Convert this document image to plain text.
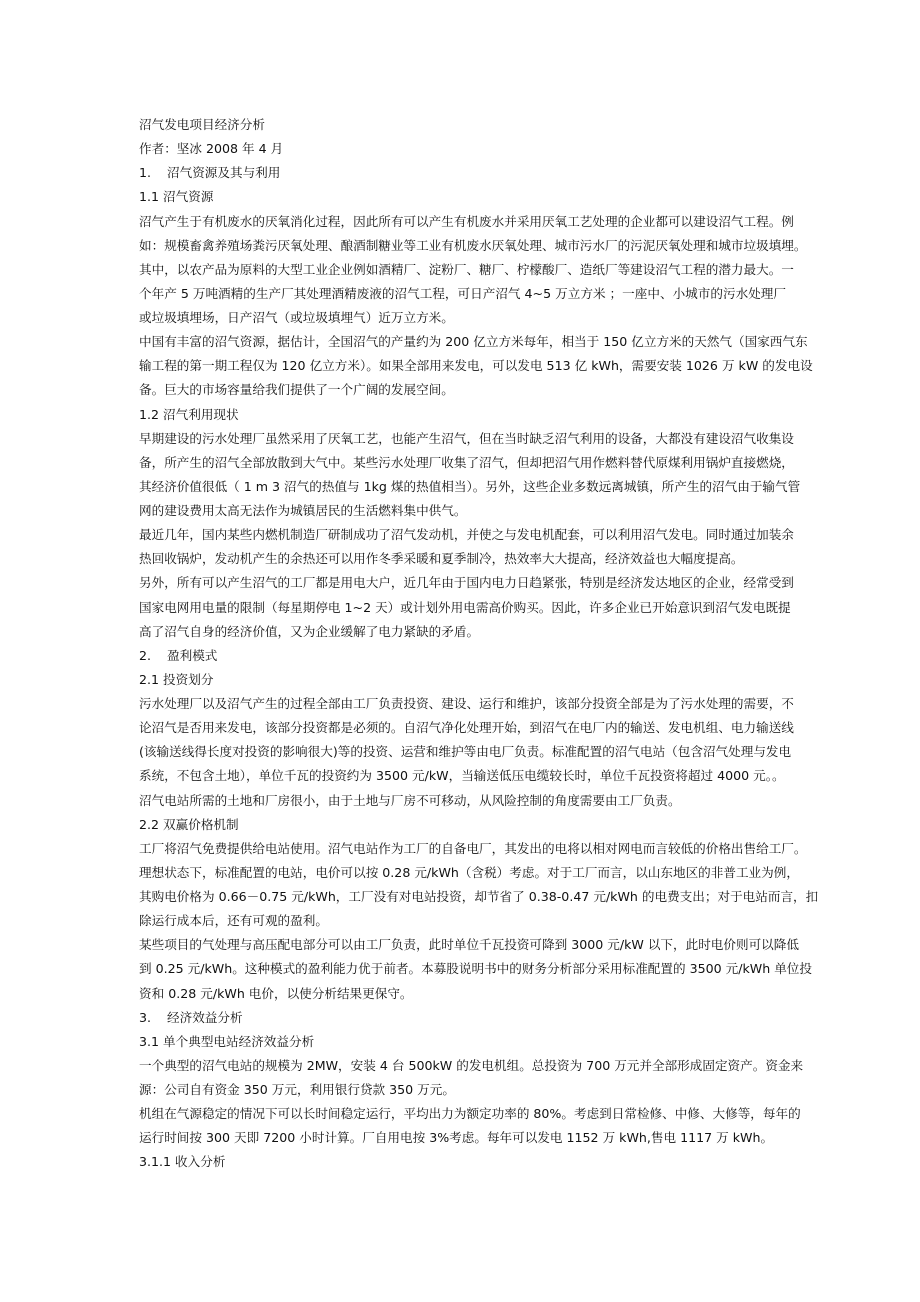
沼气发电项目经济分析
作者：坚冰 2008 年 4 月
1. 沼气资源及其与利用
1.1 沼气资源
沼气产生于有机废水的厌氧消化过程，因此所有可以产生有机废水并采用厌氧工艺处理的企业都可以建设沼气工程。例
如：规模畜禽养殖场粪污厌氧处理、酿酒制糖业等工业有机废水厌氧处理、城市污水厂的污泥厌氧处理和城市垃圾填埋。
其中，以农产品为原料的大型工业企业例如酒精厂、淀粉厂、糖厂、柠檬酸厂、造纸厂等建设沼气工程的潜力最大。一
个年产 5 万吨酒精的生产厂其处理酒精废液的沼气工程，可日产沼气 4~5 万立方米 ；一座中、小城市的污水处理厂
或垃圾填埋场，日产沼气（或垃圾填埋气）近万立方米。
中国有丰富的沼气资源，据估计，全国沼气的产量约为 200 亿立方米每年，相当于 150 亿立方米的天然气（国家西气东
输工程的第一期工程仅为 120 亿立方米）。如果全部用来发电，可以发电 513 亿 kWh，需要安装 1026 万 kW 的发电设
备。巨大的市场容量给我们提供了一个广阔的发展空间。
1.2 沼气利用现状
早期建设的污水处理厂虽然采用了厌氧工艺，也能产生沼气，但在当时缺乏沼气利用的设备，大都没有建设沼气收集设
备，所产生的沼气全部放散到大气中。某些污水处理厂收集了沼气，但却把沼气用作燃料替代原煤利用锅炉直接燃烧，
其经济价值很低（ 1 m 3 沼气的热值与 1kg 煤的热值相当）。另外，这些企业多数远离城镇，所产生的沼气由于输气管
网的建设费用太高无法作为城镇居民的生活燃料集中供气。
最近几年，国内某些内燃机制造厂研制成功了沼气发动机，并使之与发电机配套，可以利用沼气发电。同时通过加装余
热回收锅炉，发动机产生的余热还可以用作冬季采暖和夏季制冷，热效率大大提高，经济效益也大幅度提高。
另外，所有可以产生沼气的工厂都是用电大户，近几年由于国内电力日趋紧张，特别是经济发达地区的企业，经常受到
国家电网用电量的限制（每星期停电 1~2 天）或计划外用电需高价购买。因此，许多企业已开始意识到沼气发电既提
高了沼气自身的经济价值，又为企业缓解了电力紧缺的矛盾。
2. 盈利模式
2.1 投资划分
污水处理厂以及沼气产生的过程全部由工厂负责投资、建设、运行和维护，该部分投资全部是为了污水处理的需要，不
论沼气是否用来发电，该部分投资都是必须的。自沼气净化处理开始，到沼气在电厂内的输送、发电机组、电力输送线
(该输送线得长度对投资的影响很大)等的投资、运营和维护等由电厂负责。标准配置的沼气电站（包含沼气处理与发电
系统，不包含土地），单位千瓦的投资约为 3500 元/kW，当输送低压电缆较长时，单位千瓦投资将超过 4000 元。。
沼气电站所需的土地和厂房很小，由于土地与厂房不可移动，从风险控制的角度需要由工厂负责。
2.2 双赢价格机制
工厂将沼气免费提供给电站使用。沼气电站作为工厂的自备电厂，其发出的电将以相对网电而言较低的价格出售给工厂。
理想状态下，标准配置的电站，电价可以按 0.28 元/kWh（含税）考虑。对于工厂而言，以山东地区的非普工业为例，
其购电价格为 0.66－0.75 元/kWh，工厂没有对电站投资，却节省了 0.38-0.47 元/kWh 的电费支出；对于电站而言，扣
除运行成本后，还有可观的盈利。
某些项目的气处理与高压配电部分可以由工厂负责，此时单位千瓦投资可降到 3000 元/kW 以下，此时电价则可以降低
到 0.25 元/kWh。这种模式的盈利能力优于前者。本募股说明书中的财务分析部分采用标准配置的 3500 元/kWh 单位投
资和 0.28 元/kWh 电价，以使分析结果更保守。
3. 经济效益分析
3.1 单个典型电站经济效益分析
一个典型的沼气电站的规模为 2MW，安装 4 台 500kW 的发电机组。总投资为 700 万元并全部形成固定资产。资金来
源：公司自有资金 350 万元，利用银行贷款 350 万元。
机组在气源稳定的情况下可以长时间稳定运行，平均出力为额定功率的 80%。考虑到日常检修、中修、大修等，每年的
运行时间按 300 天即 7200 小时计算。厂自用电按 3%考虑。每年可以发电 1152 万 kWh,售电 1117 万 kWh。
3.1.1 收入分析
